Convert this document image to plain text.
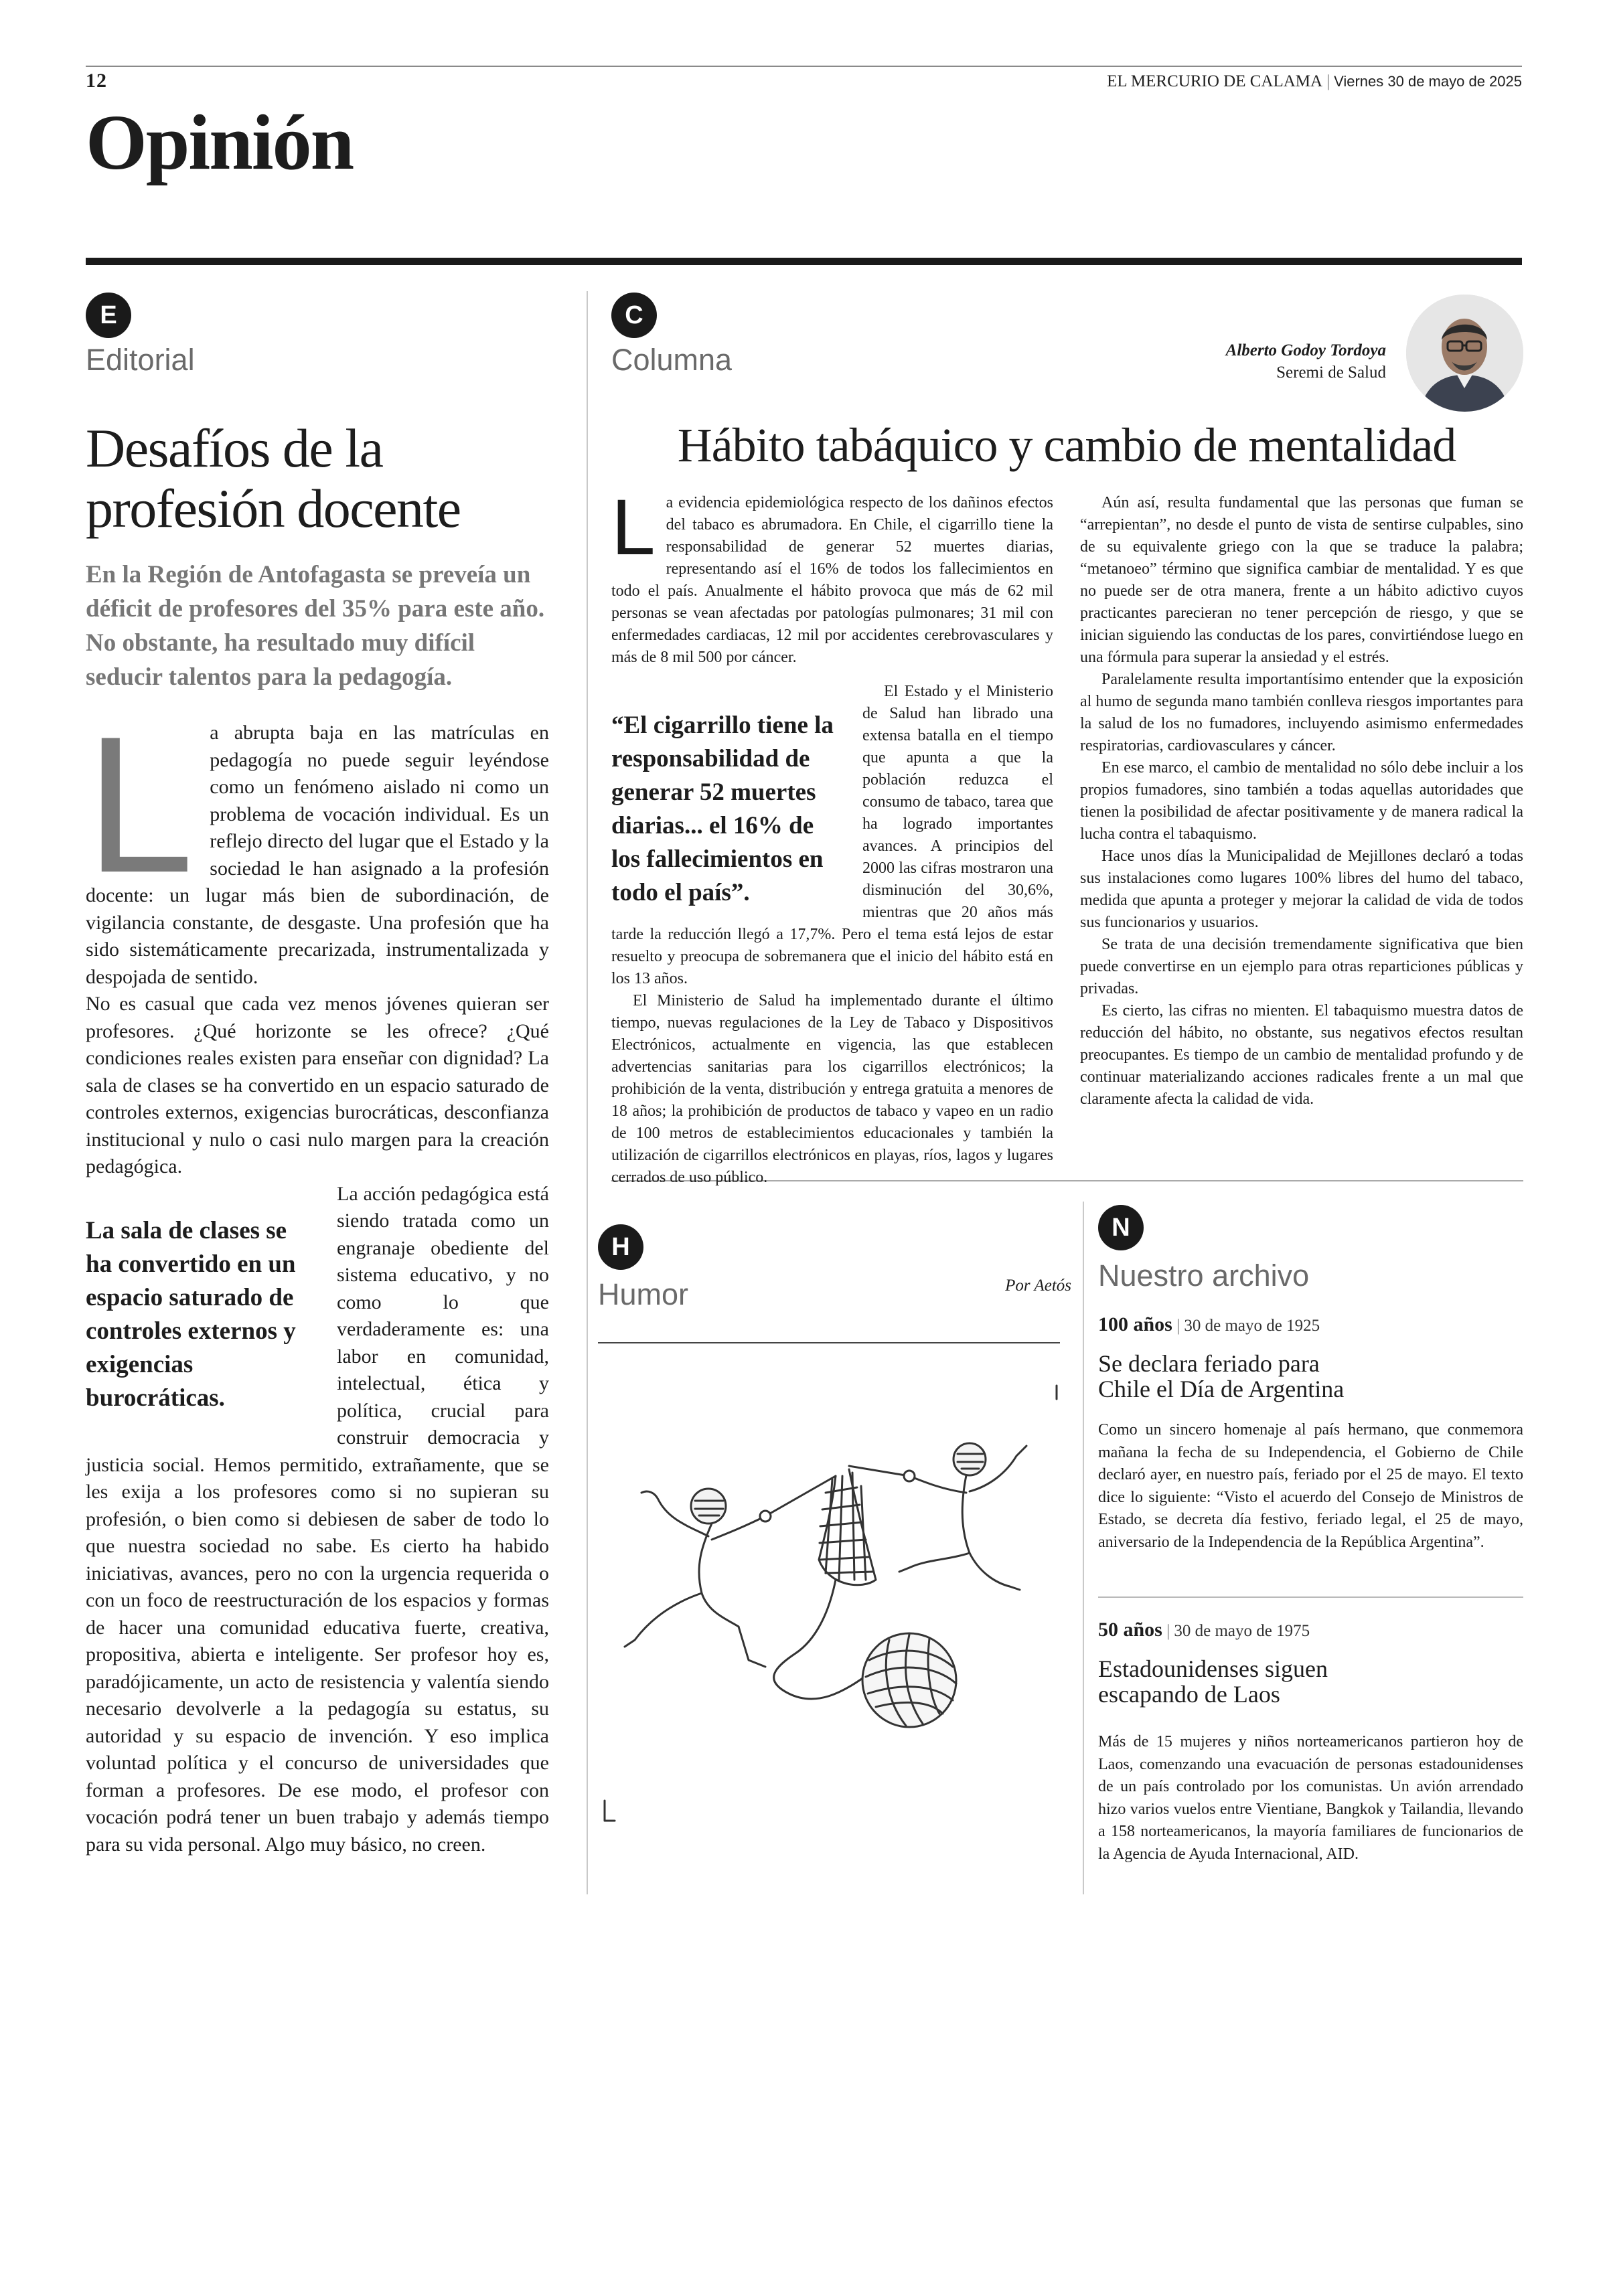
12	EL MERCURIO DE CALAMA | Viernes 30 de mayo de 2025
Opinión
E
Editorial
Desafíos de la
profesión docente
En la Región de Antofagasta se preveía un déficit de profesores del 35% para este año. No obstante, ha resultado muy difícil seducir talentos para la pedagogía.

La abrupta baja en las matrículas en pedagogía no puede seguir leyéndose como un fenómeno aislado ni como un problema de vocación individual. Es un reflejo directo del lugar que el Estado y la sociedad le han asignado a la profesión docente: un lugar más bien de subordinación, de vigilancia constante, de desgaste. Una profesión que ha sido sistemáticamente precarizada, instrumentalizada y despojada de sentido.

No es casual que cada vez menos jóvenes quieran ser profesores. ¿Qué horizonte se les ofrece? ¿Qué condiciones reales existen para enseñar con dignidad? La sala de clases se ha convertido en un espacio saturado de controles externos, exigencias burocráticas, desconfianza institucional y nulo o casi nulo margen para la creación pedagógica.

La sala de clases se ha convertido en un espacio saturado de controles externos y exigencias burocráticas.

La acción pedagógica está siendo tratada como un engranaje obediente del sistema educativo, y no como lo que verdaderamente es: una labor en comunidad, intelectual, ética y política, crucial para construir democracia y justicia social. Hemos permitido, extrañamente, que se les exija a los profesores como si no supieran su profesión, o bien como si debiesen de saber de todo lo que nuestra sociedad no sabe. Es cierto ha habido iniciativas, avances, pero no con la urgencia requerida o con un foco de reestructuración de los espacios y formas de hacer una comunidad educativa fuerte, creativa, propositiva, abierta e inteligente. Ser profesor hoy es, paradójicamente, un acto de resistencia y valentía siendo necesario devolverle a la pedagogía su estatus, su autoridad y su espacio de invención. Y eso implica voluntad política y el concurso de universidades que forman a profesores. De ese modo, el profesor con vocación podrá tener un buen trabajo y además tiempo para su vida personal. Algo muy básico, no creen.

C
Columna	Alberto Godoy Tordoya
Seremi de Salud
Hábito tabáquico y cambio de mentalidad

La evidencia epidemiológica respecto de los dañinos efectos del tabaco es abrumadora. En Chile, el cigarrillo tiene la responsabilidad de generar 52 muertes diarias, representando así el 16% de todos los fallecimientos en todo el país. Anualmente el hábito provoca que más de 62 mil personas se vean afectadas por patologías pulmonares; 31 mil con enfermedades cardiacas, 12 mil por accidentes cerebrovasculares y más de 8 mil 500 por cáncer.

“El cigarrillo tiene la responsabilidad de generar 52 muertes diarias... el 16% de los fallecimientos en todo el país”.

El Estado y el Ministerio de Salud han librado una extensa batalla en el tiempo que apunta a que la población reduzca el consumo de tabaco, tarea que ha logrado importantes avances. A principios del 2000 las cifras mostraron una disminución del 30,6%, mientras que 20 años más tarde la reducción llegó a 17,7%. Pero el tema está lejos de estar resuelto y preocupa de sobremanera que el inicio del hábito está en los 13 años.

El Ministerio de Salud ha implementado durante el último tiempo, nuevas regulaciones de la Ley de Tabaco y Dispositivos Electrónicos, actualmente en vigencia, las que establecen advertencias sanitarias para los cigarrillos electrónicos; la prohibición de la venta, distribución y entrega gratuita a menores de 18 años; la prohibición de productos de tabaco y vapeo en un radio de 100 metros de establecimientos educacionales y también la utilización de cigarrillos electrónicos en playas, ríos, lagos y lugares cerrados de uso público.

Aún así, resulta fundamental que las personas que fuman se “arrepientan”, no desde el punto de vista de sentirse culpables, sino de su equivalente griego con la que se traduce la palabra; “metanoeo” término que significa cambiar de mentalidad. Y es que no puede ser de otra manera, frente a un hábito adictivo cuyos practicantes parecieran no tener percepción de riesgo, y que se inician siguiendo las conductas de los pares, convirtiéndose luego en una fórmula para superar la ansiedad y el estrés.

Paralelamente resulta importantísimo entender que la exposición al humo de segunda mano también conlleva riesgos importantes para la salud de los no fumadores, incluyendo asimismo enfermedades respiratorias, cardiovasculares y cáncer.

En ese marco, el cambio de mentalidad no sólo debe incluir a los propios fumadores, sino también a todas aquellas autoridades que tienen la posibilidad de afectar positivamente y de manera radical la lucha contra el tabaquismo.

Hace unos días la Municipalidad de Mejillones declaró a todas sus instalaciones como lugares 100% libres del humo del tabaco, medida que apunta a proteger y mejorar la calidad de vida de todos sus funcionarios y usuarios.

Se trata de una decisión tremendamente significativa que bien puede convertirse en un ejemplo para otras reparticiones públicas y privadas.

Es cierto, las cifras no mienten. El tabaquismo muestra datos de reducción del hábito, no obstante, sus negativos efectos resultan preocupantes. Es tiempo de un cambio de mentalidad profundo y de continuar materializando acciones radicales frente a un mal que claramente afecta la calidad de vida.

H
Humor	Por Aetós
N
Nuestro archivo
100 años | 30 de mayo de 1925
Se declara feriado para
Chile el Día de Argentina
Como un sincero homenaje al país hermano, que conmemora mañana la fecha de su Independencia, el Gobierno de Chile declaró ayer, en nuestro país, feriado por el 25 de mayo. El texto dice lo siguiente: “Visto el acuerdo del Consejo de Ministros de Estado, se decreta día festivo, feriado legal, el 25 de mayo, aniversario de la Independencia de la República Argentina”.
50 años | 30 de mayo de 1975
Estadounidenses siguen
escapando de Laos
Más de 15 mujeres y niños norteamericanos partieron hoy de Laos, comenzando una evacuación de personas estadounidenses de un país controlado por los comunistas. Un avión arrendado hizo varios vuelos entre Vientiane, Bangkok y Tailandia, llevando a 158 norteamericanos, la mayoría familiares de funcionarios de la Agencia de Ayuda Internacional, AID.
